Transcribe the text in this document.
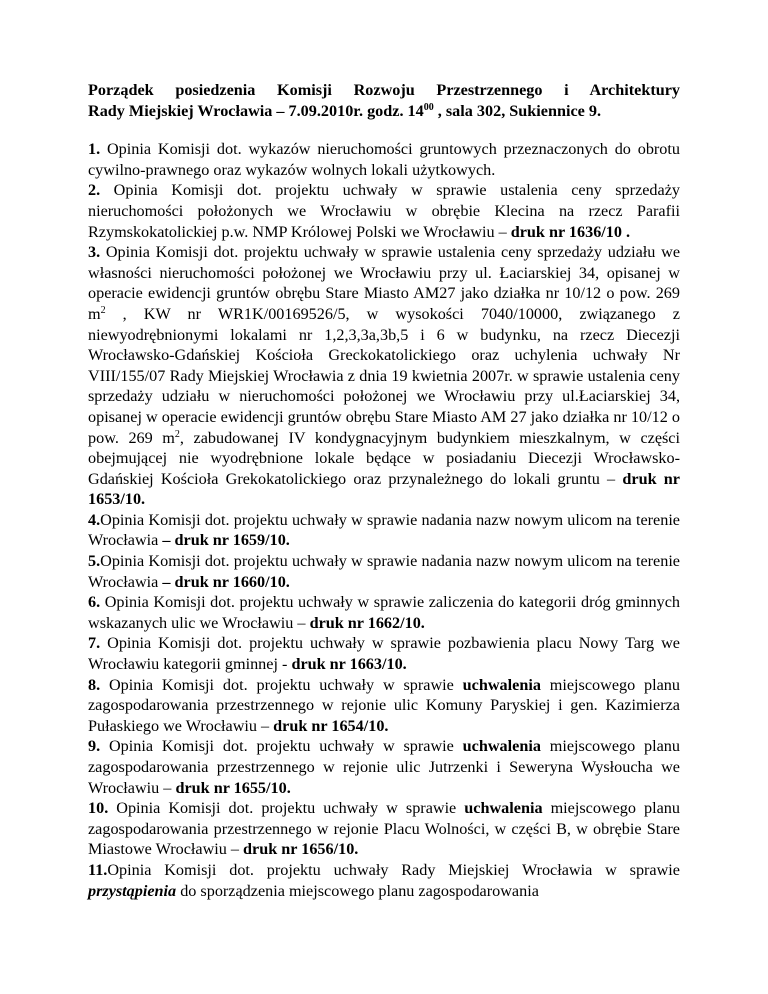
Porządek posiedzenia Komisji Rozwoju Przestrzennego i Architektury
Rady Miejskiej Wrocławia – 7.09.2010r. godz. $14^{00}$ , sala 302, Sukiennice 9.

1. Opinia Komisji dot. wykazów nieruchomości gruntowych przeznaczonych do obrotu cywilno-prawnego oraz wykazów wolnych lokali użytkowych.

2. Opinia Komisji dot. projektu uchwały w sprawie ustalenia ceny sprzedaży nieruchomości położonych we Wrocławiu w obrębie Klecina na rzecz Parafii Rzymskokatolickiej p.w. NMP Królowej Polski we Wrocławiu – druk nr 1636/10 .

3. Opinia Komisji dot. projektu uchwały w sprawie ustalenia ceny sprzedaży udziału we własności nieruchomości położonej we Wrocławiu przy ul. Łaciarskiej 34, opisanej w operacie ewidencji gruntów obrębu Stare Miasto AM27 jako działka nr 10/12 o pow. 269 $m^2$ , KW nr WR1K/00169526/5, w wysokości 7040/10000, związanego z niewyodrębnionymi lokalami nr 1,2,3,3a,3b,5 i 6 w budynku, na rzecz Diecezji Wrocławsko-Gdańskiej Kościoła Greckokatolickiego oraz uchylenia uchwały Nr VIII/155/07 Rady Miejskiej Wrocławia z dnia 19 kwietnia 2007r. w sprawie ustalenia ceny sprzedaży udziału w nieruchomości położonej we Wrocławiu przy ul.Łaciarskiej 34, opisanej w operacie ewidencji gruntów obrębu Stare Miasto AM 27 jako działka nr 10/12 o pow. 269 $m^2$, zabudowanej IV kondygnacyjnym budynkiem mieszkalnym, w części obejmującej nie wyodrębnione lokale będące w posiadaniu Diecezji Wrocławsko-Gdańskiej Kościoła Grekokatolickiego oraz przynależnego do lokali gruntu – druk nr 1653/10.

4.Opinia Komisji dot. projektu uchwały w sprawie nadania nazw nowym ulicom na terenie Wrocławia – druk nr 1659/10.

5.Opinia Komisji dot. projektu uchwały w sprawie nadania nazw nowym ulicom na terenie Wrocławia – druk nr 1660/10.

6. Opinia Komisji dot. projektu uchwały w sprawie zaliczenia do kategorii dróg gminnych wskazanych ulic we Wrocławiu – druk nr 1662/10.

7. Opinia Komisji dot. projektu uchwały w sprawie pozbawienia placu Nowy Targ we Wrocławiu kategorii gminnej - druk nr 1663/10.

8. Opinia Komisji dot. projektu uchwały w sprawie uchwalenia miejscowego planu zagospodarowania przestrzennego w rejonie ulic Komuny Paryskiej i gen. Kazimierza Pułaskiego we Wrocławiu – druk nr 1654/10.

9. Opinia Komisji dot. projektu uchwały w sprawie uchwalenia miejscowego planu zagospodarowania przestrzennego w rejonie ulic Jutrzenki i Seweryna Wysłoucha we Wrocławiu – druk nr 1655/10.

10. Opinia Komisji dot. projektu uchwały w sprawie uchwalenia miejscowego planu zagospodarowania przestrzennego w rejonie Placu Wolności, w części B, w obrębie Stare Miastowe Wrocławiu – druk nr 1656/10.

11.Opinia Komisji dot. projektu uchwały Rady Miejskiej Wrocławia w sprawie przystąpienia do sporządzenia miejscowego planu zagospodarowania
